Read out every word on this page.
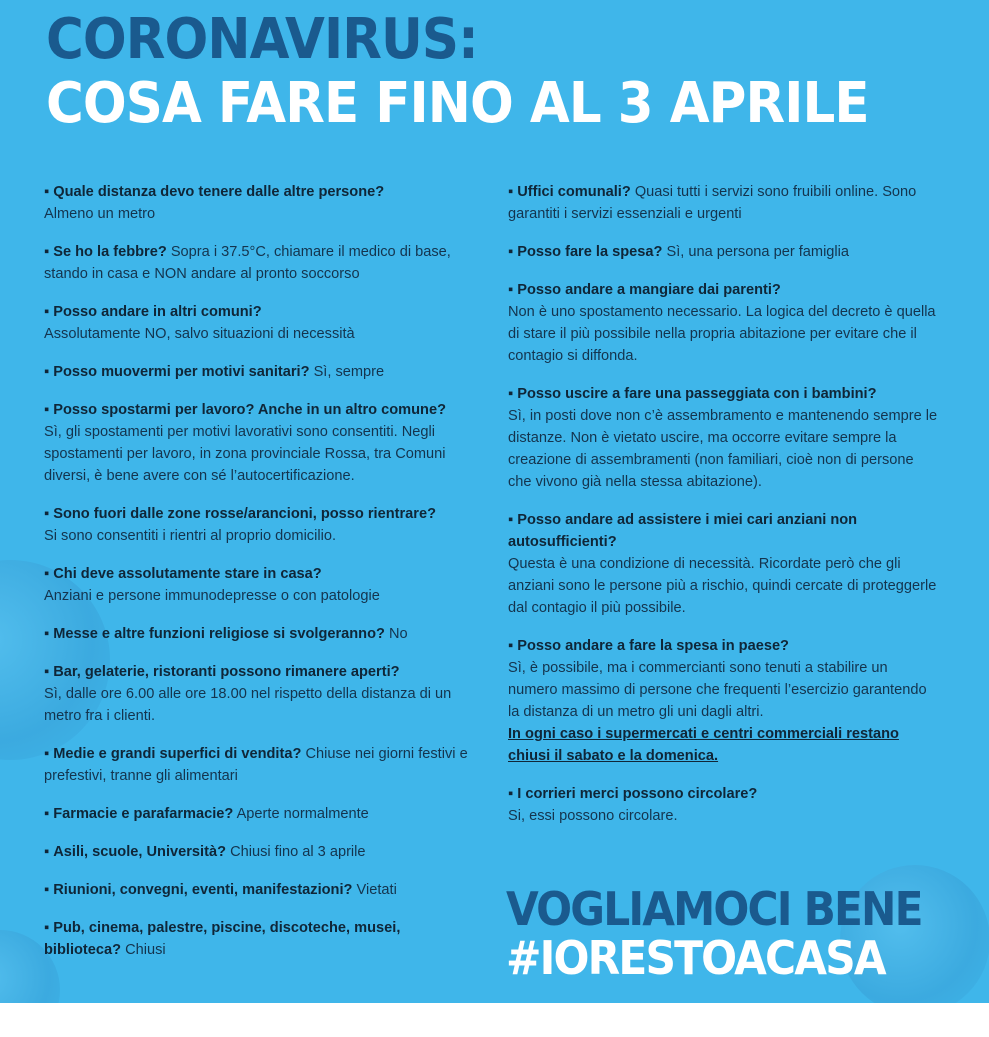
CORONAVIRUS:
COSA FARE FINO AL 3 APRILE
▪ Quale distanza devo tenere dalle altre persone?
Almeno un metro
▪ Se ho la febbre? Sopra i 37.5°C, chiamare il medico di base, stando in casa e NON andare al pronto soccorso
▪ Posso andare in altri comuni?
Assolutamente NO, salvo situazioni di necessità
▪ Posso muovermi per motivi sanitari? Sì, sempre
▪ Posso spostarmi per lavoro? Anche in un altro comune?
Sì, gli spostamenti per motivi lavorativi sono consentiti. Negli spostamenti per lavoro, in zona provinciale Rossa, tra Comuni diversi, è bene avere con sé l’autocertificazione.
▪ Sono fuori dalle zone rosse/arancioni, posso rientrare?
Si sono consentiti i rientri al proprio domicilio.
▪ Chi deve assolutamente stare in casa?
Anziani e persone immunodepresse o con patologie
▪ Messe e altre funzioni religiose si svolgeranno? No
▪ Bar, gelaterie, ristoranti possono rimanere aperti?
Sì, dalle ore 6.00 alle ore 18.00 nel rispetto della distanza di un metro fra i clienti.
▪ Medie e grandi superfici di vendita? Chiuse nei giorni festivi e prefestivi, tranne gli alimentari
▪ Farmacie e parafarmacie? Aperte normalmente
▪ Asili, scuole, Università? Chiusi fino al 3 aprile
▪ Riunioni, convegni, eventi, manifestazioni? Vietati
▪ Pub, cinema, palestre, piscine, discoteche, musei, biblioteca? Chiusi
▪ Uffici comunali? Quasi tutti i servizi sono fruibili online. Sono garantiti i servizi essenziali e urgenti
▪ Posso fare la spesa? Sì, una persona per famiglia
▪ Posso andare a mangiare dai parenti?
Non è uno spostamento necessario. La logica del decreto è quella di stare il più possibile nella propria abitazione per evitare che il contagio si diffonda.
▪ Posso uscire a fare una passeggiata con i bambini?
Sì, in posti dove non c’è assembramento e mantenendo sempre le distanze. Non è vietato uscire, ma occorre evitare sempre la creazione di assembramenti (non familiari, cioè non di persone che vivono già nella stessa abitazione).
▪ Posso andare ad assistere i miei cari anziani non autosufficienti?
Questa è una condizione di necessità. Ricordate però che gli anziani sono le persone più a rischio, quindi cercate di proteggerle dal contagio il più possibile.
▪ Posso andare a fare la spesa in paese?
Sì, è possibile, ma i commercianti sono tenuti a stabilire un numero massimo di persone che frequenti l’esercizio garantendo la distanza di un metro gli uni dagli altri.
In ogni caso i supermercati e centri commerciali restano chiusi il sabato e la domenica.
▪ I corrieri merci possono circolare?
Si, essi possono circolare.
VOGLIAMOCI BENE
#IORESTOACASA
